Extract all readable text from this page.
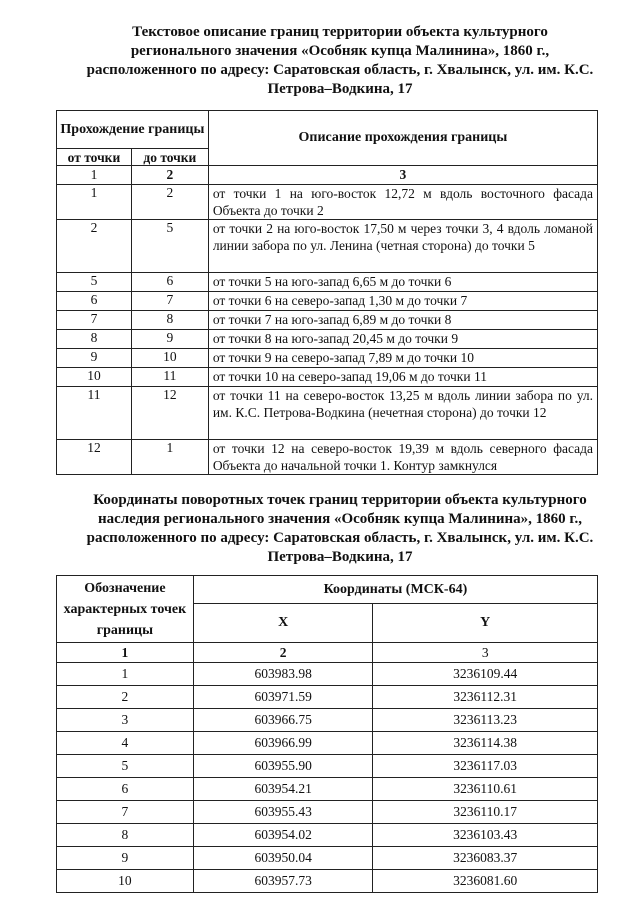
Текстовое описание границ территории объекта культурного
регионального значения «Особняк купца Малинина», 1860 г.,
расположенного по адресу: Саратовская область, г. Хвалынск, ул. им. К.С.
Петрова–Водкина, 17
Прохождение границы		Описание прохождения границы
от точки	до точки	
1	2	3
1	2	от точки 1 на юго-восток 12,72 м вдоль восточного фасада Объекта до точки 2
2	5	от точки 2 на юго-восток 17,50 м через точки 3, 4 вдоль ломаной линии забора по ул. Ленина (четная сторона) до точки 5
5	6	от точки 5 на юго-запад 6,65 м до точки 6
6	7	от точки 6 на северо-запад 1,30 м до точки 7
7	8	от точки 7 на юго-запад 6,89 м до точки 8
8	9	от точки 8 на юго-запад 20,45 м до точки 9
9	10	от точки 9 на северо-запад 7,89 м до точки 10
10	11	от точки 10 на северо-запад 19,06 м до точки 11
11	12	от точки 11 на северо-восток 13,25 м вдоль линии забора по ул. им. К.С. Петрова-Водкина (нечетная сторона) до точки 12
12	1	от точки 12 на северо-восток 19,39 м вдоль северного фасада Объекта до начальной точки 1. Контур замкнулся
Координаты поворотных точек границ территории объекта культурного
наследия регионального значения «Особняк купца Малинина», 1860 г.,
расположенного по адресу: Саратовская область, г. Хвалынск, ул. им. К.С.
Петрова–Водкина, 17
Обозначение характерных точек границы	Координаты (МСК-64)	
	X	Y
1	2	3
1	603983.98	3236109.44
2	603971.59	3236112.31
3	603966.75	3236113.23
4	603966.99	3236114.38
5	603955.90	3236117.03
6	603954.21	3236110.61
7	603955.43	3236110.17
8	603954.02	3236103.43
9	603950.04	3236083.37
10	603957.73	3236081.60
